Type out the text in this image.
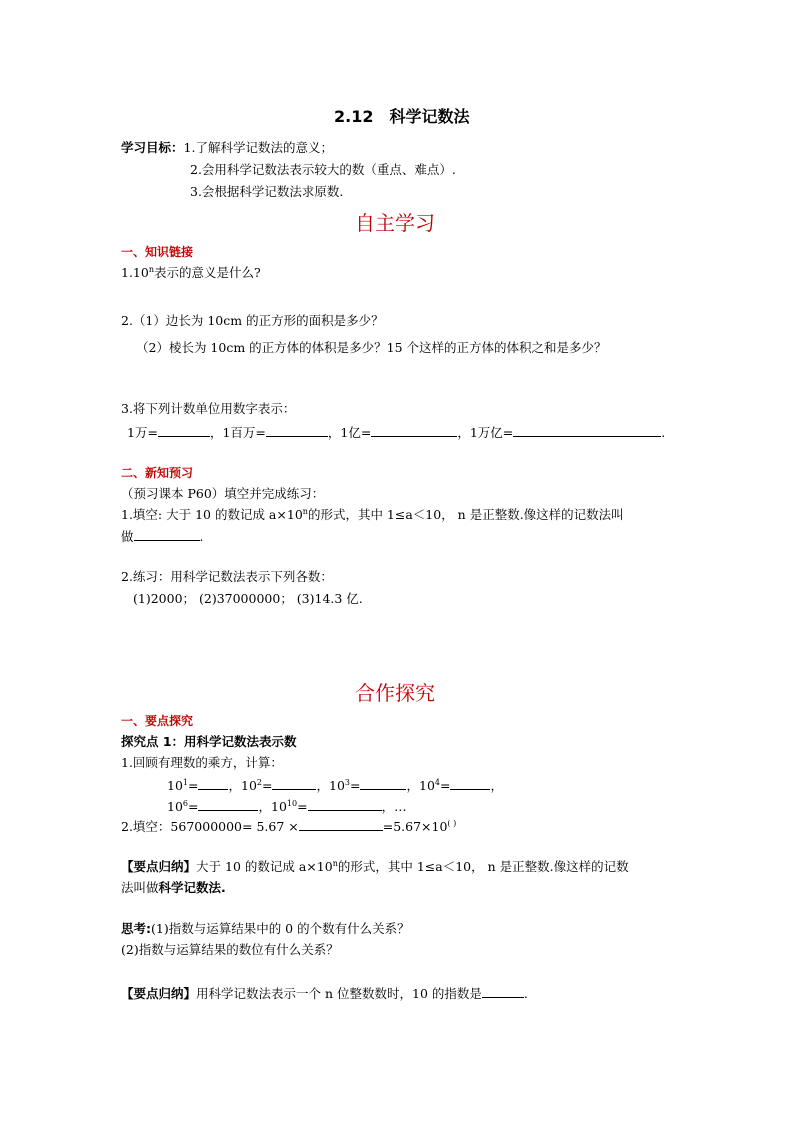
2.12　科学记数法
学习目标：1.了解科学记数法的意义；
2.会用科学记数法表示较大的数（重点、难点）.
3.会根据科学记数法求原数.
自主学习
一、知识链接
1.10$^n$表示的意义是什么?
2.（1）边长为 10cm 的正方形的面积是多少？
（2）棱长为 10cm 的正方体的体积是多少？15 个这样的正方体的体积之和是多少？
3.将下列计数单位用数字表示：
1万=	，1百万=	，1亿=	，1万亿=	.
二、新知预习
（预习课本 P60）填空并完成练习：
1.填空: 大于 10 的数记成 $a\times 10^n$的形式，其中 1≤a＜10， n 是正整数.像这样的记数法叫
做	.
2.练习：用科学记数法表示下列各数：
(1)2000； (2)37000000； (3)14.3 亿.
合作探究
一、要点探究
探究点 1：用科学记数法表示数
1.回顾有理数的乘方，计算：
$10^1=$ ，$10^2=$	，$10^3=$	，$10^4=$	，
$10^6=$	，$10^{10}=$	，…
2.填空：567000000= 5.67 ×	=5.67×10( )
【要点归纳】大于 10 的数记成 $a\times 10^n$的形式，其中 1≤a＜10， n 是正整数.像这样的记数
法叫做科学记数法.
思考:(1)指数与运算结果中的 0 的个数有什么关系？
(2)指数与运算结果的数位有什么关系？
【要点归纳】用科学记数法表示一个 n 位整数数时，10 的指数是	.
